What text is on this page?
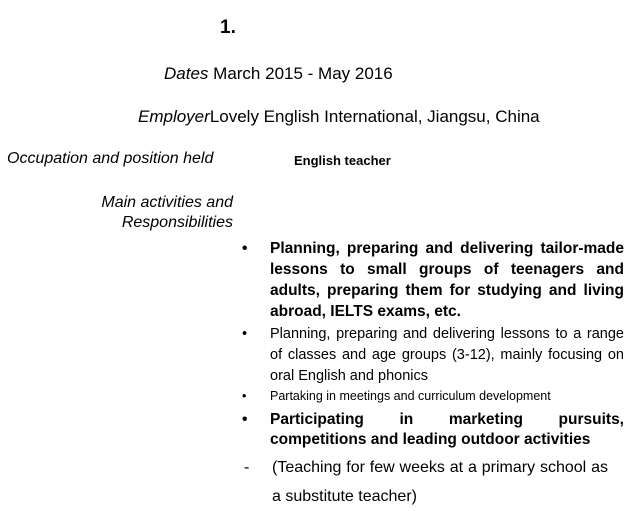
1.
Dates March 2015 - May 2016
EmployerLovely English International, Jiangsu, China
Occupation and position held	English teacher
Main activities and
Responsibilities
• Planning, preparing and delivering tailor-made lessons to small groups of teenagers and adults, preparing them for studying and living abroad, IELTS exams, etc.
• Planning, preparing and delivering lessons to a range of classes and age groups (3-12), mainly focusing on oral English and phonics
• Partaking in meetings and curriculum development
• Participating in marketing pursuits, competitions and leading outdoor activities
- (Teaching for few weeks at a primary school as a substitute teacher)
